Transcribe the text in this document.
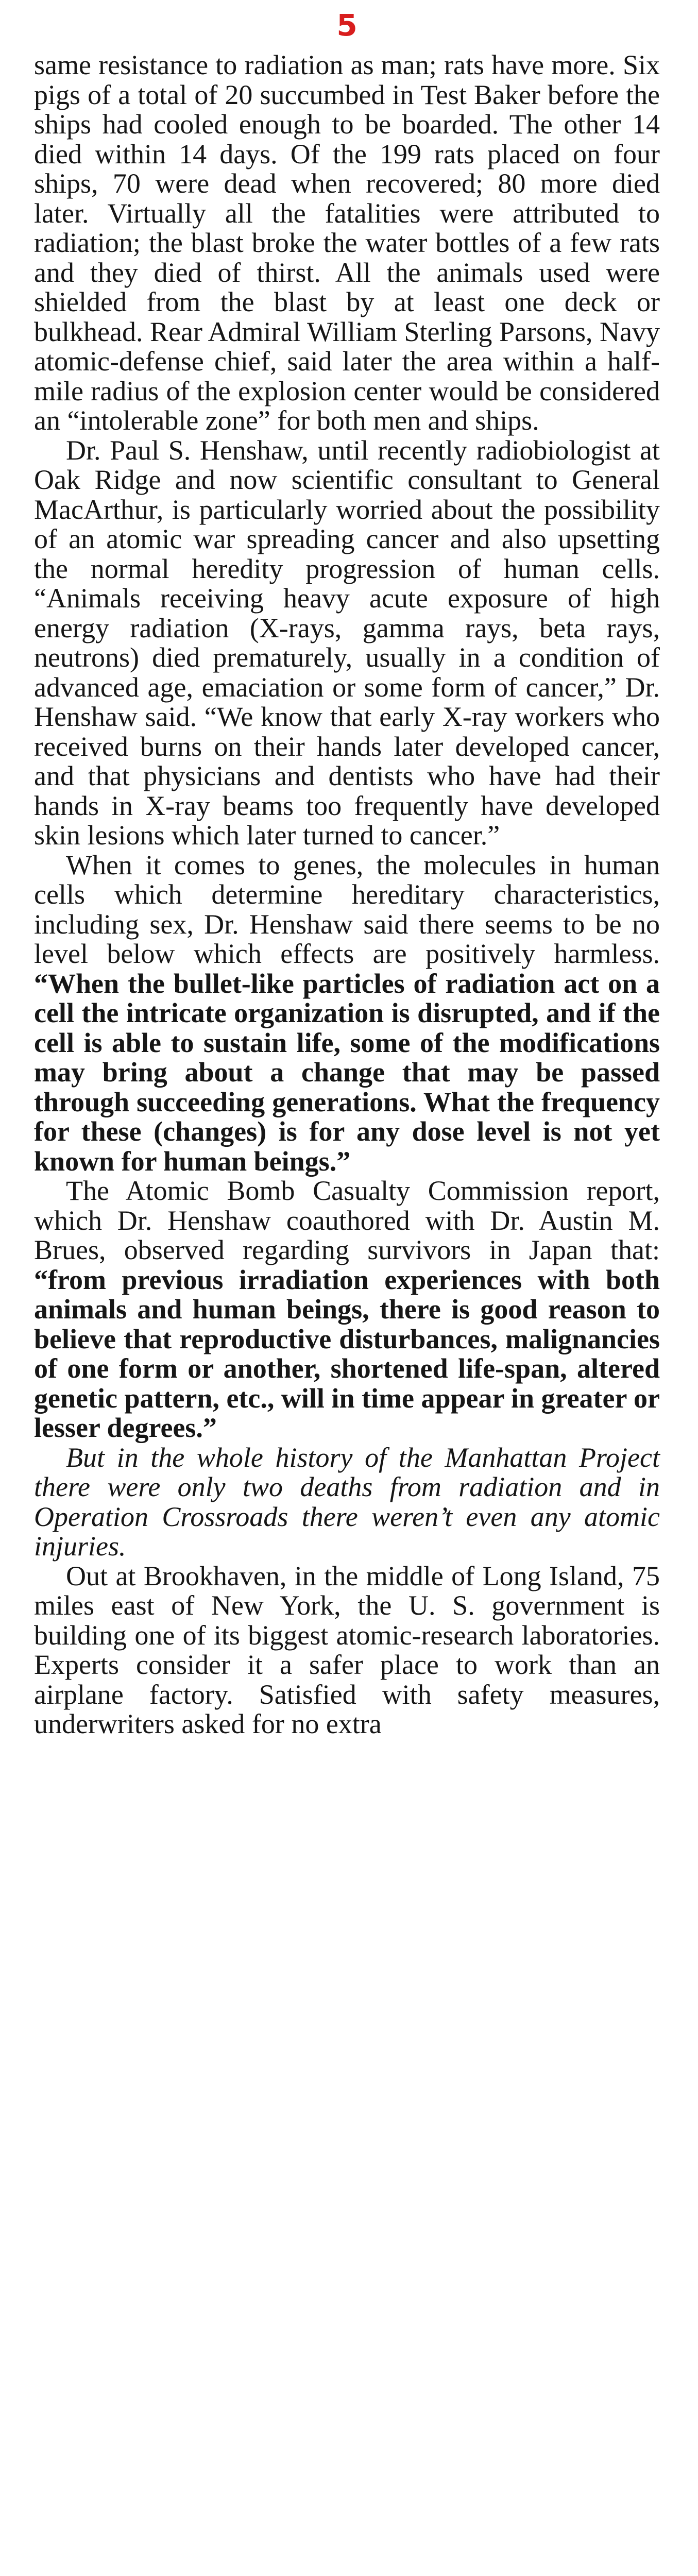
5

same resistance to radiation as man; rats have more. Six pigs of a total of 20 succumbed in Test Baker before the ships had cooled enough to be boarded. The other 14 died within 14 days. Of the 199 rats placed on four ships, 70 were dead when recovered; 80 more died later. Virtually all the fatalities were attributed to radiation; the blast broke the water bottles of a few rats and they died of thirst. All the animals used were shielded from the blast by at least one deck or bulkhead. Rear Admiral William Sterling Parsons, Navy atomic-defense chief, said later the area within a half-mile radius of the explosion center would be considered an “intolerable zone” for both men and ships.

Dr. Paul S. Henshaw, until recently radiobiologist at Oak Ridge and now scientific consultant to General MacArthur, is particularly worried about the possibility of an atomic war spreading cancer and also upsetting the normal heredity progression of human cells. “Animals receiving heavy acute exposure of high energy radiation (X-rays, gamma rays, beta rays, neutrons) died prematurely, usually in a condition of advanced age, emaciation or some form of cancer,” Dr. Henshaw said. “We know that early X-ray workers who received burns on their hands later developed cancer, and that physicians and dentists who have had their hands in X-ray beams too frequently have developed skin lesions which later turned to cancer.”

When it comes to genes, the molecules in human cells which determine hereditary characteristics, including sex, Dr. Henshaw said there seems to be no level below which effects are positively harmless. “When the bullet-like particles of radiation act on a cell the intricate organization is disrupted, and if the cell is able to sustain life, some of the modifications may bring about a change that may be passed through succeeding generations. What the frequency for these (changes) is for any dose level is not yet known for human beings.”

The Atomic Bomb Casualty Commission report, which Dr. Henshaw coauthored with Dr. Austin M. Brues, observed regarding survivors in Japan that: “from previous irradiation experiences with both animals and human beings, there is good reason to believe that reproductive disturbances, malignancies of one form or another, shortened life-span, altered genetic pattern, etc., will in time appear in greater or lesser degrees.”

But in the whole history of the Manhattan Project there were only two deaths from radiation and in Operation Crossroads there weren’t even any atomic injuries.

Out at Brookhaven, in the middle of Long Island, 75 miles east of New York, the U. S. government is building one of its biggest atomic-research laboratories. Experts consider it a safer place to work than an airplane factory. Satisfied with safety measures, underwriters asked for no extra
